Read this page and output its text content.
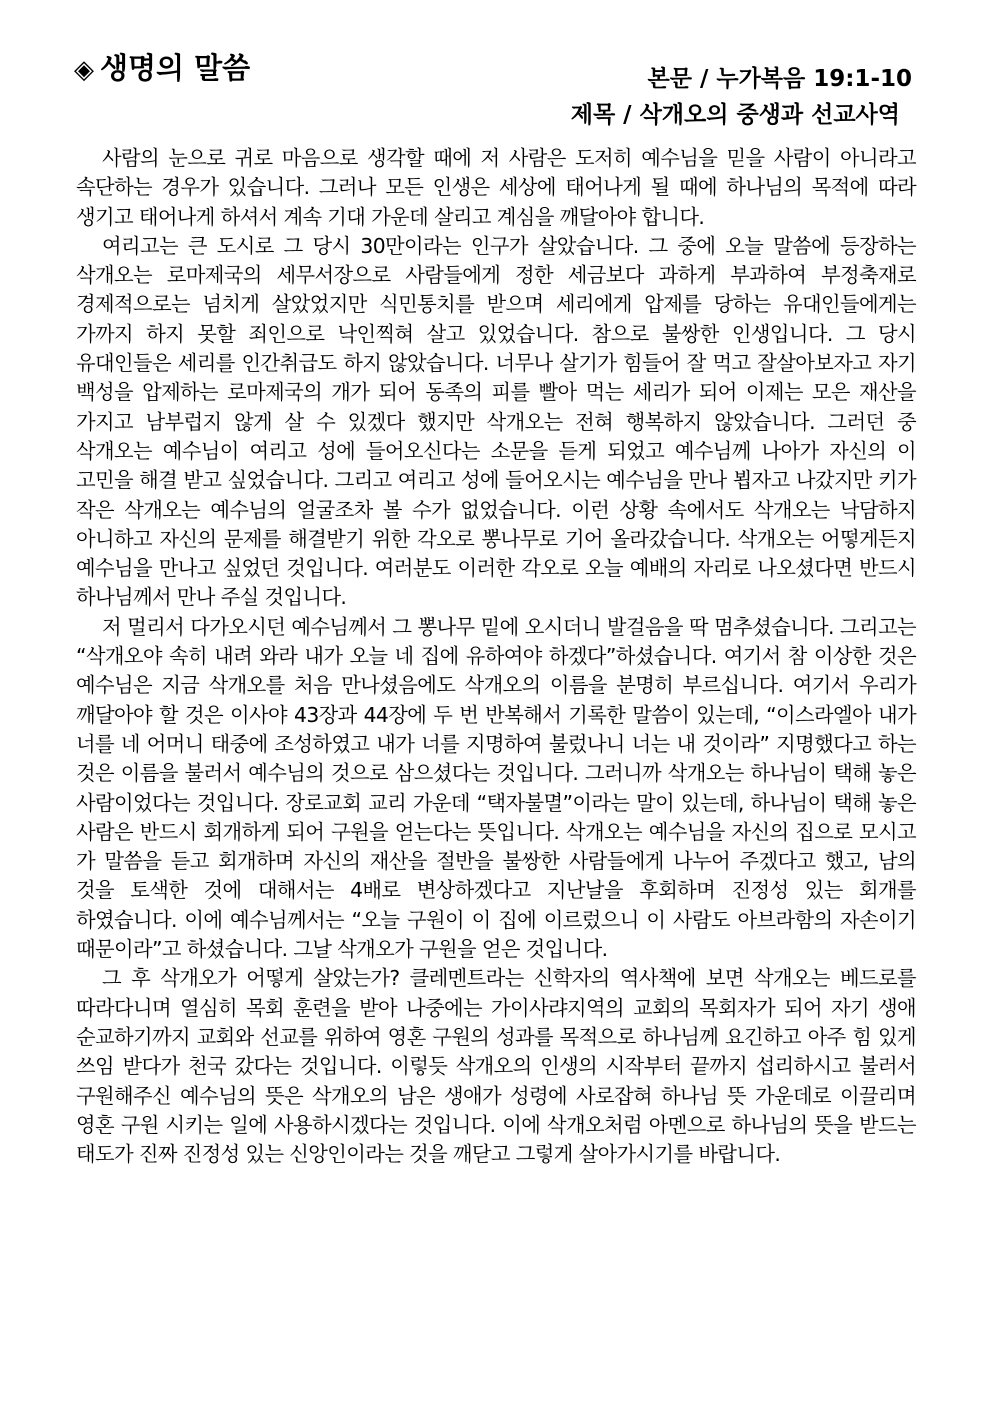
◈ 생명의 말씀	본문 / 누가복음 19:1-10
제목 / 삭개오의 중생과 선교사역

사람의 눈으로 귀로 마음으로 생각할 때에 저 사람은 도저히 예수님을 믿을 사람이 아니라고 속단하는 경우가 있습니다. 그러나 모든 인생은 세상에 태어나게 될 때에 하나님의 목적에 따라 생기고 태어나게 하셔서 계속 기대 가운데 살리고 계심을 깨달아야 합니다.

여리고는 큰 도시로 그 당시 30만이라는 인구가 살았습니다. 그 중에 오늘 말씀에 등장하는 삭개오는 로마제국의 세무서장으로 사람들에게 정한 세금보다 과하게 부과하여 부정축재로 경제적으로는 넘치게 살았었지만 식민통치를 받으며 세리에게 압제를 당하는 유대인들에게는 가까지 하지 못할 죄인으로 낙인찍혀 살고 있었습니다. 참으로 불쌍한 인생입니다. 그 당시 유대인들은 세리를 인간취급도 하지 않았습니다. 너무나 살기가 힘들어 잘 먹고 잘살아보자고 자기 백성을 압제하는 로마제국의 개가 되어 동족의 피를 빨아 먹는 세리가 되어 이제는 모은 재산을 가지고 남부럽지 않게 살 수 있겠다 했지만 삭개오는 전혀 행복하지 않았습니다. 그러던 중 삭개오는 예수님이 여리고 성에 들어오신다는 소문을 듣게 되었고 예수님께 나아가 자신의 이 고민을 해결 받고 싶었습니다. 그리고 여리고 성에 들어오시는 예수님을 만나 뵙자고 나갔지만 키가 작은 삭개오는 예수님의 얼굴조차 볼 수가 없었습니다. 이런 상황 속에서도 삭개오는 낙담하지 아니하고 자신의 문제를 해결받기 위한 각오로 뽕나무로 기어 올라갔습니다. 삭개오는 어떻게든지 예수님을 만나고 싶었던 것입니다. 여러분도 이러한 각오로 오늘 예배의 자리로 나오셨다면 반드시 하나님께서 만나 주실 것입니다.

저 멀리서 다가오시던 예수님께서 그 뽕나무 밑에 오시더니 발걸음을 딱 멈추셨습니다. 그리고는 “삭개오야 속히 내려 와라 내가 오늘 네 집에 유하여야 하겠다”하셨습니다. 여기서 참 이상한 것은 예수님은 지금 삭개오를 처음 만나셨음에도 삭개오의 이름을 분명히 부르십니다. 여기서 우리가 깨달아야 할 것은 이사야 43장과 44장에 두 번 반복해서 기록한 말씀이 있는데, “이스라엘아 내가 너를 네 어머니 태중에 조성하였고 내가 너를 지명하여 불렀나니 너는 내 것이라” 지명했다고 하는 것은 이름을 불러서 예수님의 것으로 삼으셨다는 것입니다. 그러니까 삭개오는 하나님이 택해 놓은 사람이었다는 것입니다. 장로교회 교리 가운데 “택자불멸”이라는 말이 있는데, 하나님이 택해 놓은 사람은 반드시 회개하게 되어 구원을 얻는다는 뜻입니다. 삭개오는 예수님을 자신의 집으로 모시고 가 말씀을 듣고 회개하며 자신의 재산을 절반을 불쌍한 사람들에게 나누어 주겠다고 했고, 남의 것을 토색한 것에 대해서는 4배로 변상하겠다고 지난날을 후회하며 진정성 있는 회개를 하였습니다. 이에 예수님께서는 “오늘 구원이 이 집에 이르렀으니 이 사람도 아브라함의 자손이기 때문이라”고 하셨습니다. 그날 삭개오가 구원을 얻은 것입니다.

그 후 삭개오가 어떻게 살았는가? 클레멘트라는 신학자의 역사책에 보면 삭개오는 베드로를 따라다니며 열심히 목회 훈련을 받아 나중에는 가이사랴지역의 교회의 목회자가 되어 자기 생애 순교하기까지 교회와 선교를 위하여 영혼 구원의 성과를 목적으로 하나님께 요긴하고 아주 힘 있게 쓰임 받다가 천국 갔다는 것입니다. 이렇듯 삭개오의 인생의 시작부터 끝까지 섭리하시고 불러서 구원해주신 예수님의 뜻은 삭개오의 남은 생애가 성령에 사로잡혀 하나님 뜻 가운데로 이끌리며 영혼 구원 시키는 일에 사용하시겠다는 것입니다. 이에 삭개오처럼 아멘으로 하나님의 뜻을 받드는 태도가 진짜 진정성 있는 신앙인이라는 것을 깨닫고 그렇게 살아가시기를 바랍니다.
